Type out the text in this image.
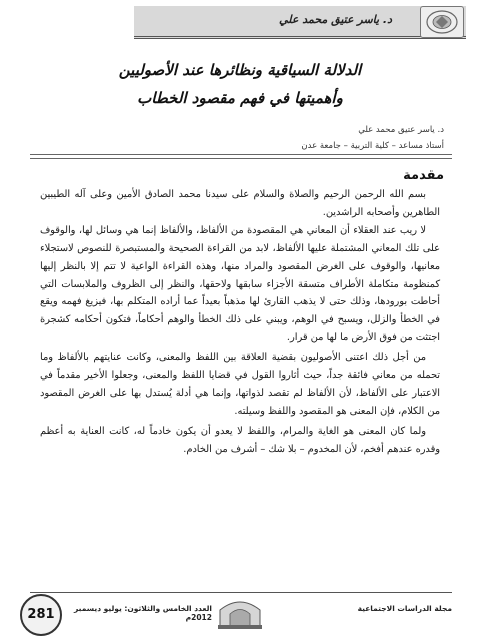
د. ياسر عتيق محمد علي
الدلالة السياقية ونظائرها عند الأصوليين
وأهميتها في فهم مقصود الخطاب
د. ياسر عتيق محمد علي
أستاذ مساعد – كلية التربية – جامعة عدن
مقدمة

بسم الله الرحمن الرحيم والصلاة والسلام على سيدنا محمد الصادق الأمين وعلى آله الطيبين الطاهرين وأصحابه الراشدين.

لا ريب عند العقلاء أن المعاني هي المقصودة من الألفاظ، والألفاظ إنما هي وسائل لها، والوقوف على تلك المعاني المشتملة عليها الألفاظ، لابد من القراءة الصحيحة والمستبصرة للنصوص لاستجلاء معانيها، والوقوف على الغرض المقصود والمراد منها، وهذه القراءة الواعية لا تتم إلا بالنظر إليها كمنظومة متكاملة الأطراف متسقة الأجزاء سابقها ولاحقها، والنظر إلى الظروف والملابسات التي أحاطت بورودها، وذلك حتى لا يذهب القارئ لها مذهباً بعيداً عما أراده المتكلم بها، فيزيغ فهمه ويقع في الخطأ والزلل، ويسبح في الوهم، ويبني على ذلك الخطأ والوهم أحكاماً، فتكون أحكامه كشجرة اجتثت من فوق الأرض ما لها من قرار.

من أجل ذلك اعتنى الأصوليون بقضية العلاقة بين اللفظ والمعنى، وكانت عنايتهم بالألفاظ وما تحمله من معاني فائقة جداً، حيث أثاروا القول في قضايا اللفظ والمعنى، وجعلوا الأخير مقدماً في الاعتبار على الألفاظ، لأن الألفاظ لم تقصد لذواتها، وإنما هي أدلة يُستدل بها على الغرض المقصود من الكلام، فإن المعنى هو المقصود واللفظ وسيلته.

ولما كان المعنى هو الغاية والمرام، واللفظ لا يعدو أن يكون خادماً له، كانت العناية به أعظم وقدره عندهم أفخم، لأن المخدوم – بلا شك – أشرف من الخادم.

مجلة الدراسات الاجتماعية
العدد الخامس والثلاثون: يوليو ديسمبر 2012م
281
